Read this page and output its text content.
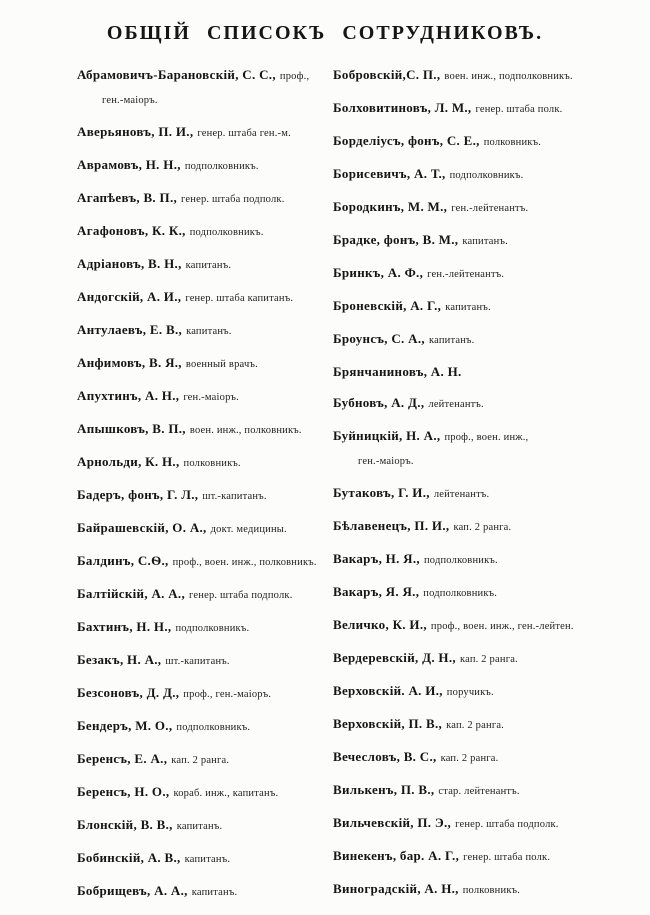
ОБЩІЙ СПИСОКЪ СОТРУДНИКОВЪ.
Абрамовичъ-Барановскій, С. С., проф.,
ген.-маіоръ.
Аверьяновъ, П. И., генер. штаба ген.-м.
Аврамовъ, Н. Н., подполковникъ.
Агапѣевъ, В. П., генер. штаба подполк.
Агафоновъ, К. К., подполковникъ.
Адріановъ, В. Н., капитанъ.
Андогскій, А. И., генер. штаба капитанъ.
Антулаевъ, Е. В., капитанъ.
Анфимовъ, В. Я., военный врачъ.
Апухтинъ, А. Н., ген.-маіоръ.
Апышковъ, В. П., воен. инж., полковникъ.
Арнольди, К. Н., полковникъ.
Бадеръ, фонъ, Г. Л., шт.-капитанъ.
Байрашевскій, О. А., докт. медицины.
Балдинъ, С.Ѳ., проф., воен. инж., полковникъ.
Балтійскій, А. А., генер. штаба подполк.
Бахтинъ, Н. Н., подполковникъ.
Безакъ, Н. А., шт.-капитанъ.
Безсоновъ, Д. Д., проф., ген.-маіоръ.
Бендеръ, М. О., подполковникъ.
Беренсъ, Е. А., кап. 2 ранга.
Беренсъ, Н. О., кораб. инж., капитанъ.
Блонскій, В. В., капитанъ.
Бобинскій, А. В., капитанъ.
Бобрищевъ, А. А., капитанъ.
Бобровскій,С. П., воен. инж., подполковникъ.
Болховитиновъ, Л. М., генер. штаба полк.
Борделіусъ, фонъ, С. Е., полковникъ.
Борисевичъ, А. Т., подполковникъ.
Бородкинъ, М. М., ген.-лейтенантъ.
Брадке, фонъ, В. М., капитанъ.
Бринкъ, А. Ф., ген.-лейтенантъ.
Броневскій, А. Г., капитанъ.
Броунсъ, С. А., капитанъ.
Брянчаниновъ, А. Н.
Бубновъ, А. Д., лейтенантъ.
Буйницкій, Н. А., проф., воен. инж.,
ген.-маіоръ.
Бутаковъ, Г. И., лейтенантъ.
Бѣлавенецъ, П. И., кап. 2 ранга.
Вакаръ, Н. Я., подполковникъ.
Вакаръ, Я. Я., подполковникъ.
Величко, К. И., проф., воен. инж., ген.-лейтен.
Вердеревскій, Д. Н., кап. 2 ранга.
Верховскій. А. И., поручикъ.
Верховскій, П. В., кап. 2 ранга.
Вечесловъ, В. С., кап. 2 ранга.
Вилькенъ, П. В., стар. лейтенантъ.
Вильчевскій, П. Э., генер. штаба подполк.
Винекенъ, бар. А. Г., генер. штаба полк.
Виноградскій, А. Н., полковникъ.
